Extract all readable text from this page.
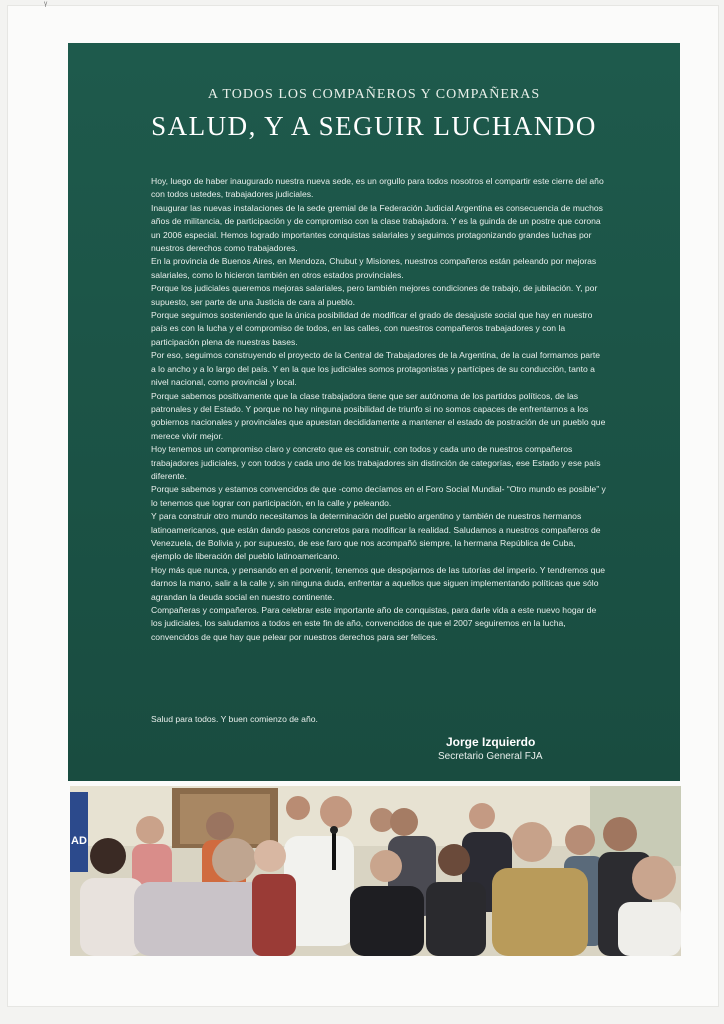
ᵞ
A TODOS LOS COMPAÑEROS Y COMPAÑERAS
SALUD, Y A SEGUIR LUCHANDO

Hoy, luego de haber inaugurado nuestra nueva sede, es un orgullo para todos nosotros el compartir este cierre del año con todos ustedes, trabajadores judiciales.

Inaugurar las nuevas instalaciones de la sede gremial de la Federación Judicial Argentina es consecuencia de muchos años de militancia, de participación y de compromiso con la clase trabajadora. Y es la guinda de un postre que corona un 2006 especial. Hemos logrado importantes conquistas salariales y seguimos protagonizando grandes luchas por nuestros derechos como trabajadores.

En la provincia de Buenos Aires, en Mendoza, Chubut y Misiones, nuestros compañeros están peleando por mejoras salariales, como lo hicieron también en otros estados provinciales.

Porque los judiciales queremos mejoras salariales, pero también mejores condiciones de trabajo, de jubilación. Y, por supuesto, ser parte de una Justicia de cara al pueblo.

Porque seguimos sosteniendo que la única posibilidad de modificar el grado de desajuste social que hay en nuestro país es con la lucha y el compromiso de todos, en las calles, con nuestros compañeros trabajadores y con la participación plena de nuestras bases.

Por eso, seguimos construyendo el proyecto de la Central de Trabajadores de la Argentina, de la cual formamos parte a lo ancho y a lo largo del país. Y en la que los judiciales somos protagonistas y partícipes de su conducción, tanto a nivel nacional, como provincial y local.

Porque sabemos positivamente que la clase trabajadora tiene que ser autónoma de los partidos políticos, de las patronales y del Estado. Y porque no hay ninguna posibilidad de triunfo si no somos capaces de enfrentarnos a los gobiernos nacionales y provinciales que apuestan decididamente a mantener el estado de postración de un pueblo que merece vivir mejor.

Hoy tenemos un compromiso claro y concreto que es construir, con todos y cada uno de nuestros compañeros trabajadores judiciales, y con todos y cada uno de los trabajadores sin distinción de categorías, ese Estado y ese país diferente.

Porque sabemos y estamos convencidos de que -como decíamos en el Foro Social Mundial- “Otro mundo es posible” y lo tenemos que lograr con participación, en la calle y peleando.

Y para construir otro mundo necesitamos la determinación del pueblo argentino y también de nuestros hermanos latinoamericanos, que están dando pasos concretos para modificar la realidad. Saludamos a nuestros compañeros de Venezuela, de Bolivia y, por supuesto, de ese faro que nos acompañó siempre, la hermana República de Cuba, ejemplo de liberación del pueblo latinoamericano.

Hoy más que nunca, y pensando en el porvenir, tenemos que despojarnos de las tutorías del imperio. Y tendremos que darnos la mano, salir a la calle y, sin ninguna duda, enfrentar a aquellos que siguen implementando políticas que sólo agrandan la deuda social en nuestro continente.

Compañeras y compañeros. Para celebrar este importante año de conquistas, para darle vida a este nuevo hogar de los judiciales, los saludamos a todos en este fin de año, convencidos de que el 2007 seguiremos en la lucha, convencidos de que hay que pelear por nuestros derechos para ser felices.

Salud para todos. Y buen comienzo de año.
Jorge Izquierdo
Secretario General FJA
AD
